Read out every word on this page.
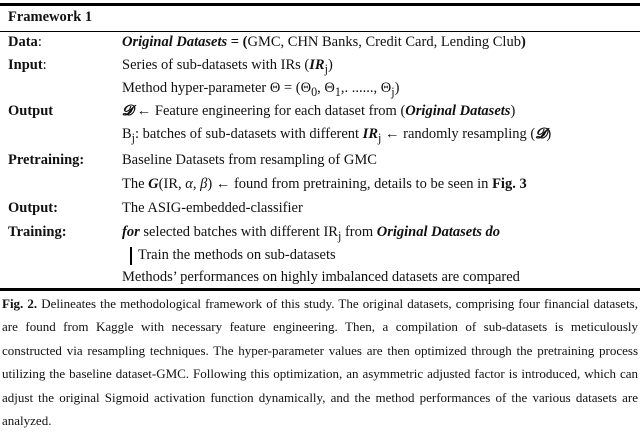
Framework 1
Data:	Original Datasets = (GMC, CHN Banks, Credit Card, Lending Club)
Input:	Series of sub-datasets with IRs $(IR_j)$
Method hyper-parameter $\Theta = (\Theta_0$, $\Theta_1$,. ......, $\Theta_j$)
Output	𝓓 ← Feature engineering for each dataset from (Original Datasets)
$B_j$: batches of sub-datasets with different $IR_j$ ← randomly resampling (𝓓)
Pretraining:	Baseline Datasets from resampling of GMC
The G(IR, α, β) ← found from pretraining, details to be seen in Fig. 3
Output:	The ASIG-embedded-classifier
Training:	for selected batches with different $IR_j$ from Original Datasets do
Train the methods on sub-datasets
Methods’ performances on highly imbalanced datasets are compared
Fig. 2. Delineates the methodological framework of this study. The original datasets, comprising four financial datasets, are found from Kaggle with necessary feature engineering. Then, a compilation of sub-datasets is meticulously constructed via resampling techniques. The hyper-parameter values are then optimized through the pretraining process utilizing the baseline dataset-GMC. Following this optimization, an asymmetric adjusted factor is introduced, which can adjust the original Sigmoid activation function dynamically, and the method performances of the various datasets are analyzed.
